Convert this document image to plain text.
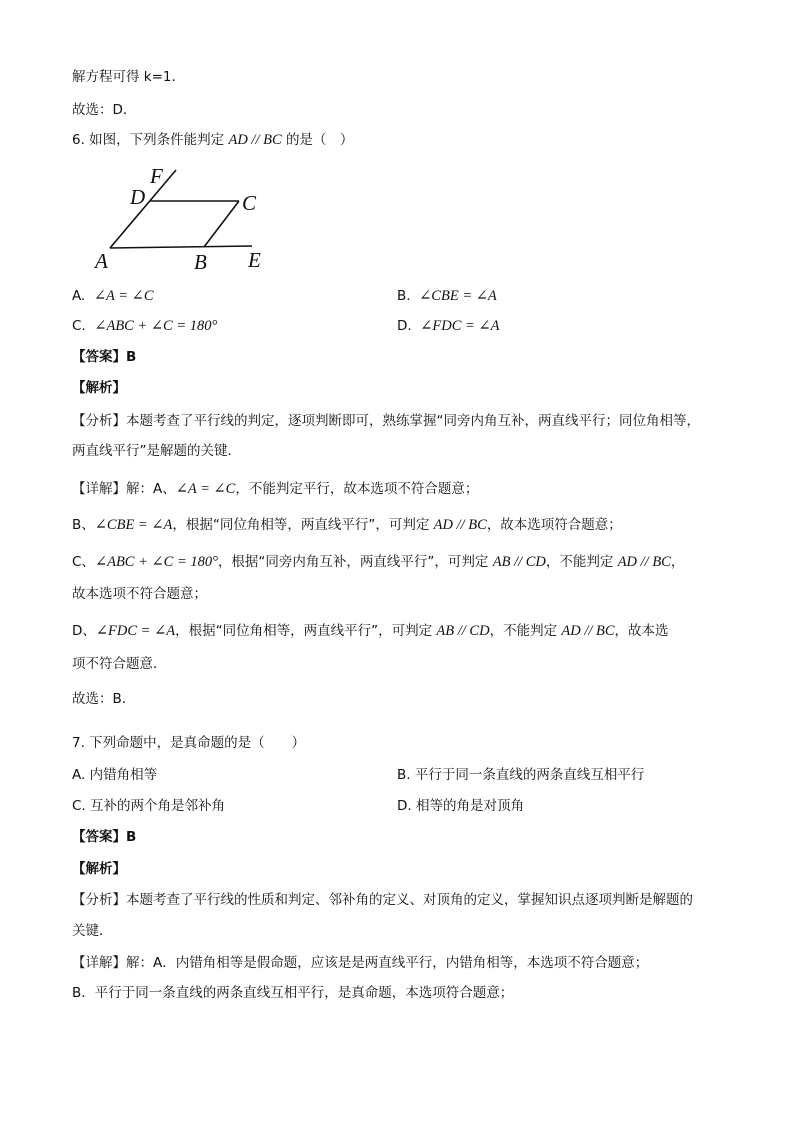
解方程可得 k=1．
故选：D．
6. 如图，下列条件能判定 AD // BC 的是（　）
F
D	C
A	B E
A. ∠A = ∠C	B. ∠CBE = ∠A
C. ∠ABC + ∠C = 180°	D. ∠FDC = ∠A
【答案】B
【解析】
【分析】本题考查了平行线的判定，逐项判断即可，熟练掌握“同旁内角互补，两直线平行；同位角相等，
两直线平行”是解题的关键．
【详解】解：A、∠A = ∠C，不能判定平行，故本选项不符合题意；
B、∠CBE = ∠A，根据“同位角相等，两直线平行”，可判定 AD // BC，故本选项符合题意；
C、∠ABC + ∠C = 180°，根据“同旁内角互补，两直线平行”，可判定 AB // CD，不能判定 AD // BC，
故本选项不符合题意；
D、∠FDC = ∠A，根据“同位角相等，两直线平行”，可判定 AB // CD，不能判定 AD // BC，故本选
项不符合题意．
故选：B．
7. 下列命题中，是真命题的是（　　）
A. 内错角相等	B. 平行于同一条直线的两条直线互相平行
C. 互补的两个角是邻补角	D. 相等的角是对顶角
【答案】B
【解析】
【分析】本题考查了平行线的性质和判定、邻补角的定义、对顶角的定义，掌握知识点逐项判断是解题的
关键．
【详解】解：A．内错角相等是假命题，应该是是两直线平行，内错角相等，本选项不符合题意；
B．平行于同一条直线的两条直线互相平行，是真命题，本选项符合题意；
